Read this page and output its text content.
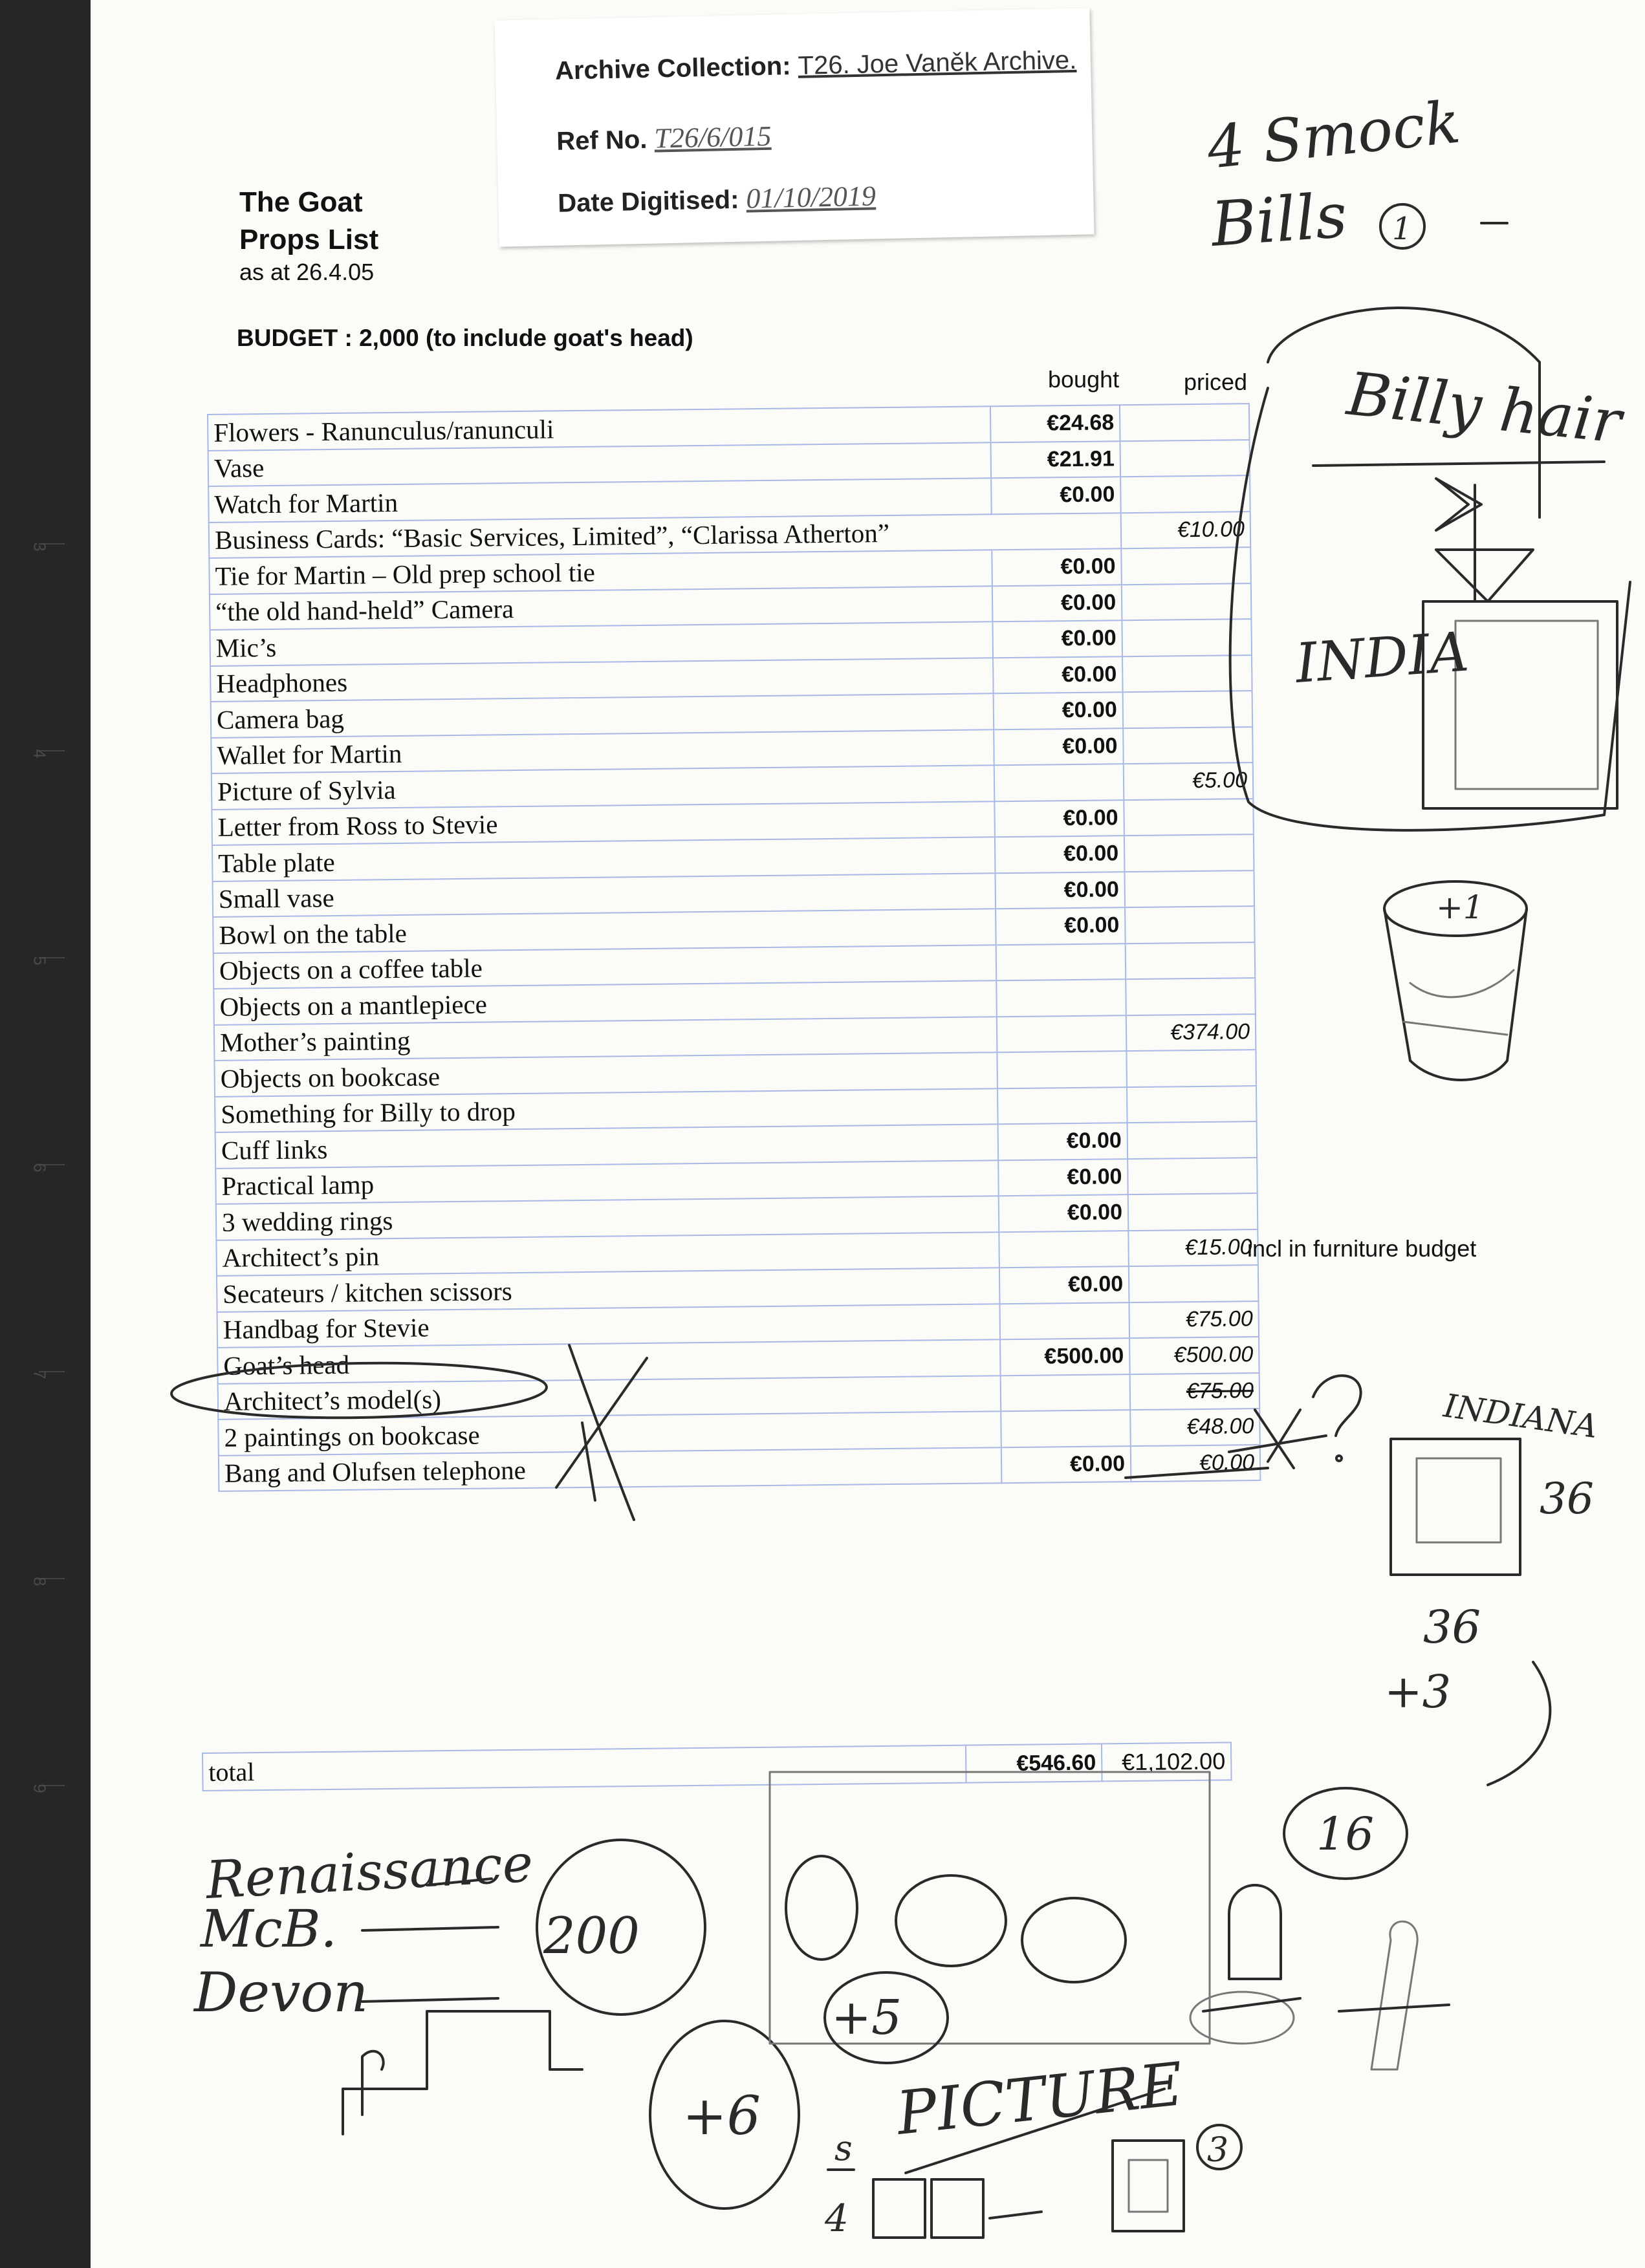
3
4
5
6
7
8
9
Archive Collection: T26. Joe Vaněk Archive.
Ref No. T26/6/015
Date Digitised: 01/10/2019
The Goat
Props List
as at 26.4.05
BUDGET : 2,000 (to include goat's head)
bought	priced
Flowers - Ranunculus/ranunculi	€24.68	
Vase	€21.91	
Watch for Martin	€0.00	
Business Cards: “Basic Services, Limited”, “Clarissa Atherton”		€10.00
Tie for Martin – Old prep school tie	€0.00	
“the old hand-held” Camera	€0.00	
Mic’s	€0.00	
Headphones	€0.00	
Camera bag	€0.00	
Wallet for Martin	€0.00	
Picture of Sylvia		€5.00
Letter from Ross to Stevie	€0.00	
Table plate	€0.00	
Small vase	€0.00	
Bowl on the table	€0.00	
Objects on a coffee table		
Objects on a mantlepiece		
Mother’s painting		€374.00
Objects on bookcase		
Something for Billy to drop		
Cuff links	€0.00	
Practical lamp	€0.00	
3 wedding rings	€0.00	
Architect’s pin		€15.00
Secateurs / kitchen scissors	€0.00	
Handbag for Stevie		€75.00
Goat’s head	€500.00	€500.00
Architect’s model(s)		€75.00
2 paintings on bookcase		€48.00
Bang and Olufsen telephone	€0.00	€0.00
incl in furniture budget
total	€546.60	€1,102.00
4 Smock
Bills 1
Billy hair
INDIA
+1
INDIANA
36
36
+3
16
Renaissance
McB.
Devon
200
+6
+5
PICTURE
s
4
3
